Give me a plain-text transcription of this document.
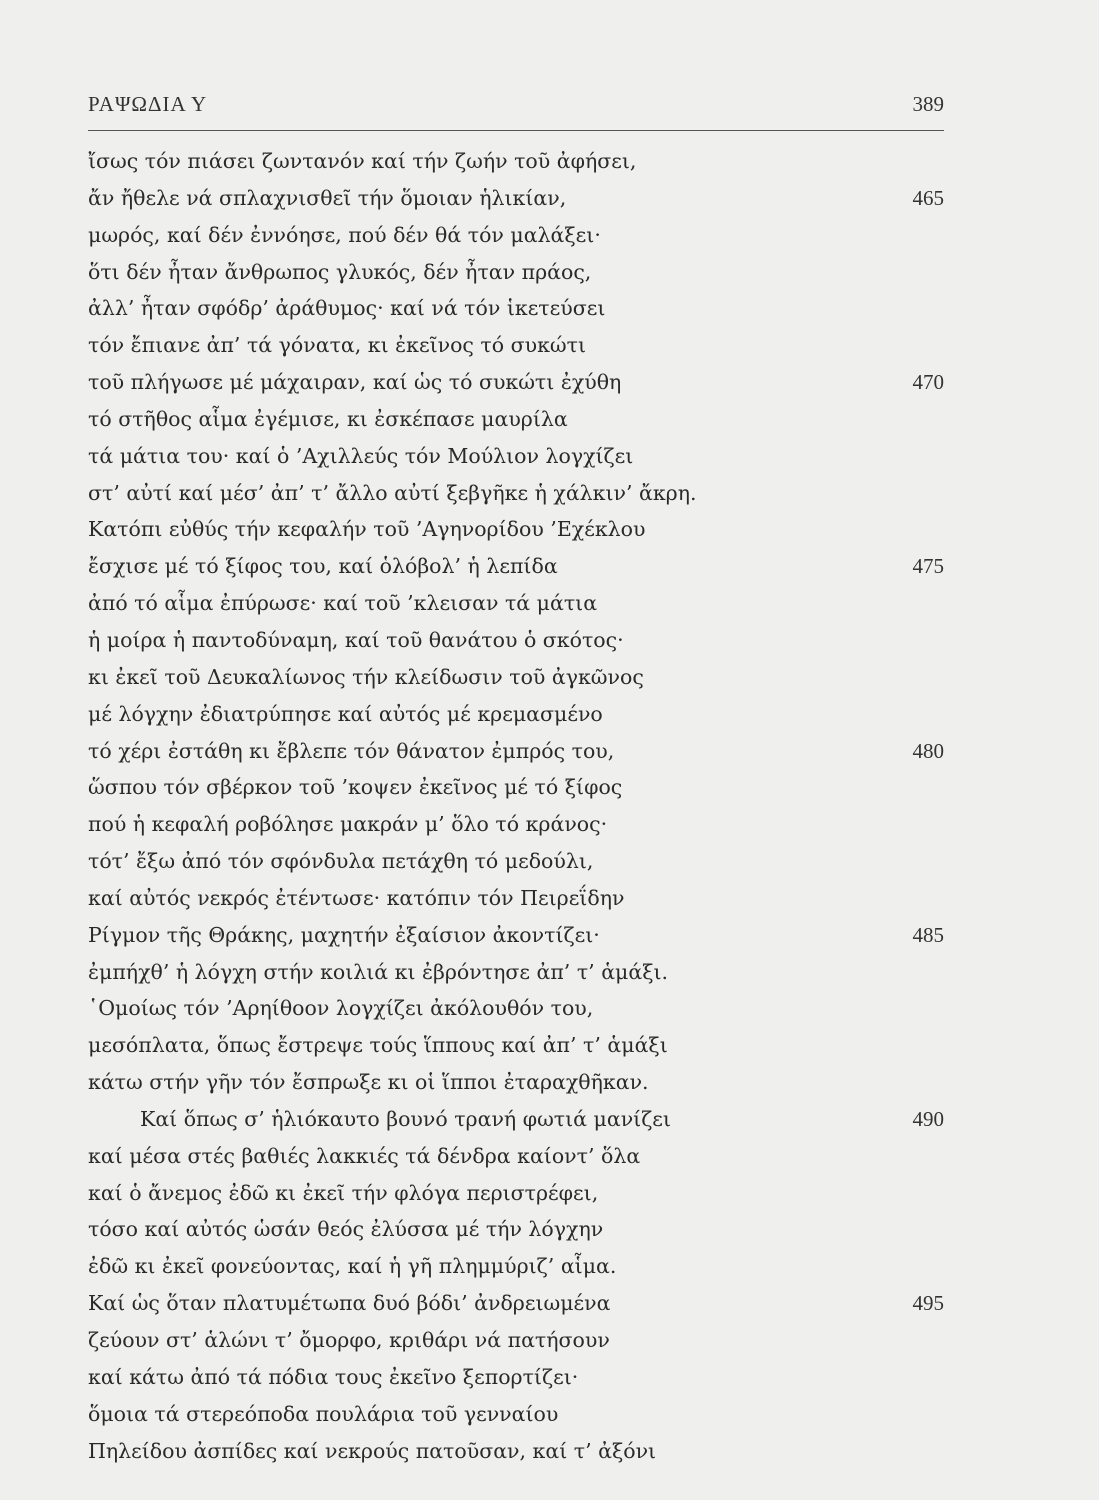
ΡΑΨΩΔΙΑ Υ	389
ἴσως τόν πιάσει ζωντανόν καί τήν ζωήν τοῦ ἀφήσει,
ἄν ἤθελε νά σπλαχνισθεῖ τήν ὅμοιαν ἡλικίαν,	465
μωρός, καί δέν ἐννόησε, πού δέν θά τόν μαλάξει·
ὅτι δέν ἦταν ἄνθρωπος γλυκός, δέν ἦταν πράος,
ἀλλ’ ἦταν σφόδρ’ ἀράθυμος· καί νά τόν ἱκετεύσει
τόν ἔπιανε ἀπ’ τά γόνατα, κι ἐκεῖνος τό συκώτι
τοῦ πλήγωσε μέ μάχαιραν, καί ὡς τό συκώτι ἐχύθη	470
τό στῆθος αἷμα ἐγέμισε, κι ἐσκέπασε μαυρίλα
τά μάτια του· καί ὁ ’Αχιλλεύς τόν Μούλιον λογχίζει
στ’ αὐτί καί μέσ’ ἀπ’ τ’ ἄλλο αὐτί ξεβγῆκε ἡ χάλκιν’ ἄκρη.
Κατόπι εὐθύς τήν κεφαλήν τοῦ ’Αγηνορίδου ’Εχέκλου
ἔσχισε μέ τό ξίφος του, καί ὁλόβολ’ ἡ λεπίδα	475
ἀπό τό αἷμα ἐπύρωσε· καί τοῦ ’κλεισαν τά μάτια
ἡ μοίρα ἡ παντοδύναμη, καί τοῦ θανάτου ὁ σκότος·
κι ἐκεῖ τοῦ Δευκαλίωνος τήν κλείδωσιν τοῦ ἀγκῶνος
μέ λόγχην ἐδιατρύπησε καί αὐτός μέ κρεμασμένο
τό χέρι ἐστάθη κι ἔβλεπε τόν θάνατον ἐμπρός του,	480
ὥσπου τόν σβέρκον τοῦ ’κοψεν ἐκεῖνος μέ τό ξίφος
πού ἡ κεφαλή ροβόλησε μακράν μ’ ὅλο τό κράνος·
τότ’ ἔξω ἀπό τόν σφόνδυλα πετάχθη τό μεδούλι,
καί αὐτός νεκρός ἐτέντωσε· κατόπιν τόν Πειρεΐδην
Ρίγμον τῆς Θράκης, μαχητήν ἐξαίσιον ἀκοντίζει·	485
ἐμπήχθ’ ἡ λόγχη στήν κοιλιά κι ἐβρόντησε ἀπ’ τ’ ἁμάξι.
῾Ομοίως τόν ’Αρηίθοον λογχίζει ἀκόλουθόν του,
μεσόπλατα, ὅπως ἔστρεψε τούς ἵππους καί ἀπ’ τ’ ἁμάξι
κάτω στήν γῆν τόν ἔσπρωξε κι οἱ ἵπποι ἐταραχθῆκαν.
Καί ὅπως σ’ ἡλιόκαυτο βουνό τρανή φωτιά μανίζει	490
καί μέσα στές βαθιές λακκιές τά δένδρα καίοντ’ ὅλα
καί ὁ ἄνεμος ἐδῶ κι ἐκεῖ τήν φλόγα περιστρέφει,
τόσο καί αὐτός ὡσάν θεός ἐλύσσα μέ τήν λόγχην
ἐδῶ κι ἐκεῖ φονεύοντας, καί ἡ γῆ πλημμύριζ’ αἷμα.
Καί ὡς ὅταν πλατυμέτωπα δυό βόδι’ ἀνδρειωμένα	495
ζεύουν στ’ ἁλώνι τ’ ὄμορφο, κριθάρι νά πατήσουν
καί κάτω ἀπό τά πόδια τους ἐκεῖνο ξεπορτίζει·
ὅμοια τά στερεόποδα πουλάρια τοῦ γενναίου
Πηλείδου ἀσπίδες καί νεκρούς πατοῦσαν, καί τ’ ἀξόνι
